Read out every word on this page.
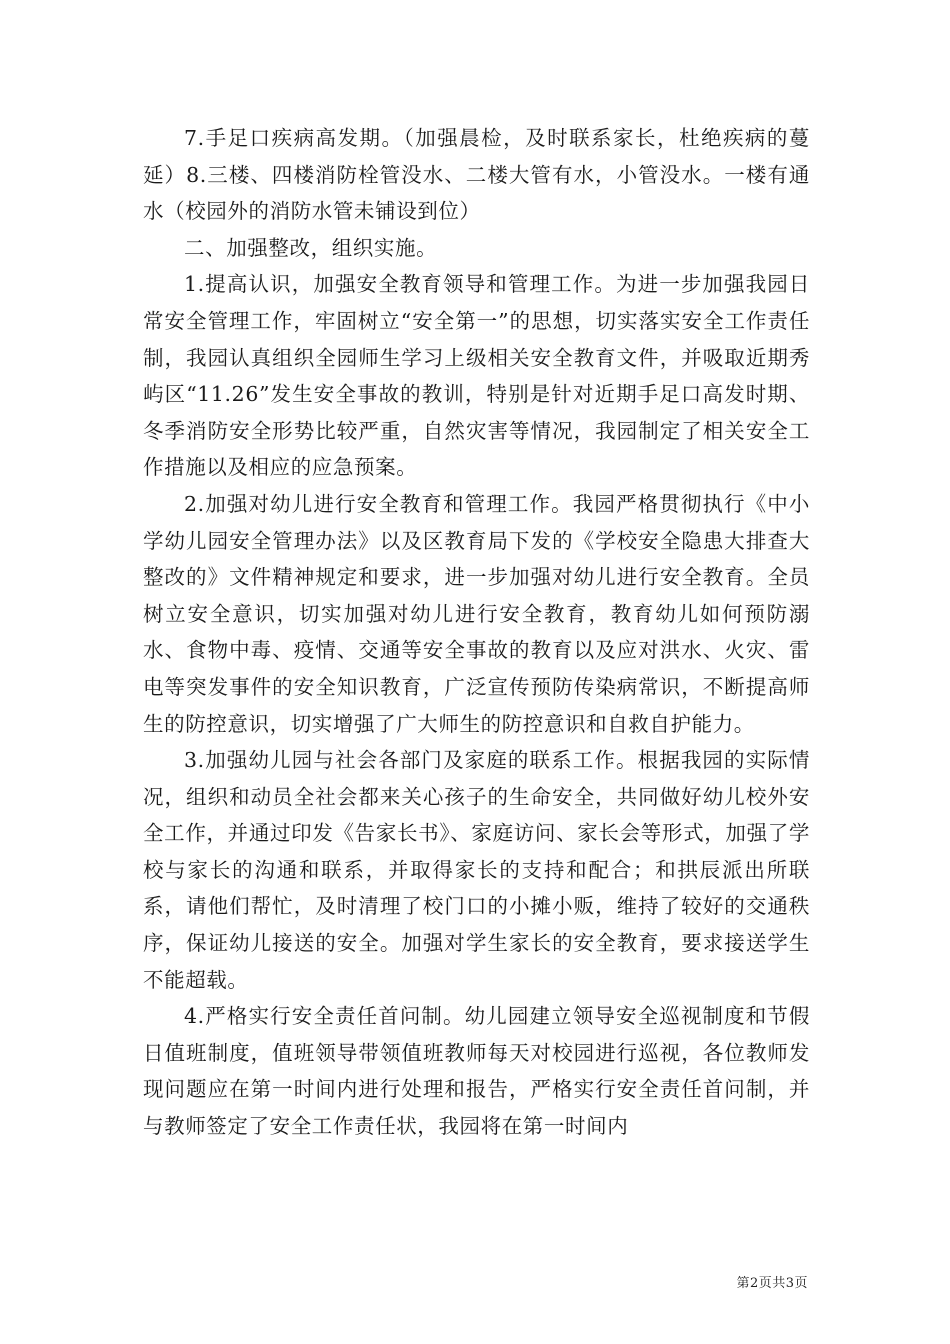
7.手足口疾病高发期。（加强晨检，及时联系家长，杜绝疾病的蔓延）8.三楼、四楼消防栓管没水、二楼大管有水，小管没水。一楼有通水（校园外的消防水管未铺设到位）

二、加强整改，组织实施。

1.提高认识，加强安全教育领导和管理工作。为进一步加强我园日常安全管理工作，牢固树立“安全第一”的思想，切实落实安全工作责任制，我园认真组织全园师生学习上级相关安全教育文件，并吸取近期秀屿区“11.26”发生安全事故的教训，特别是针对近期手足口高发时期、冬季消防安全形势比较严重，自然灾害等情况，我园制定了相关安全工作措施以及相应的应急预案。

2.加强对幼儿进行安全教育和管理工作。我园严格贯彻执行《中小学幼儿园安全管理办法》以及区教育局下发的《学校安全隐患大排查大整改的》文件精神规定和要求，进一步加强对幼儿进行安全教育。全员树立安全意识，切实加强对幼儿进行安全教育，教育幼儿如何预防溺水、食物中毒、疫情、交通等安全事故的教育以及应对洪水、火灾、雷电等突发事件的安全知识教育，广泛宣传预防传染病常识，不断提高师生的防控意识，切实增强了广大师生的防控意识和自救自护能力。

3.加强幼儿园与社会各部门及家庭的联系工作。根据我园的实际情况，组织和动员全社会都来关心孩子的生命安全，共同做好幼儿校外安全工作，并通过印发《告家长书》、家庭访问、家长会等形式，加强了学校与家长的沟通和联系，并取得家长的支持和配合；和拱辰派出所联系，请他们帮忙，及时清理了校门口的小摊小贩，维持了较好的交通秩序，保证幼儿接送的安全。加强对学生家长的安全教育，要求接送学生不能超载。

4.严格实行安全责任首问制。幼儿园建立领导安全巡视制度和节假日值班制度，值班领导带领值班教师每天对校园进行巡视，各位教师发现问题应在第一时间内进行处理和报告，严格实行安全责任首问制，并与教师签定了安全工作责任状，我园将在第一时间内

第2页共3页
